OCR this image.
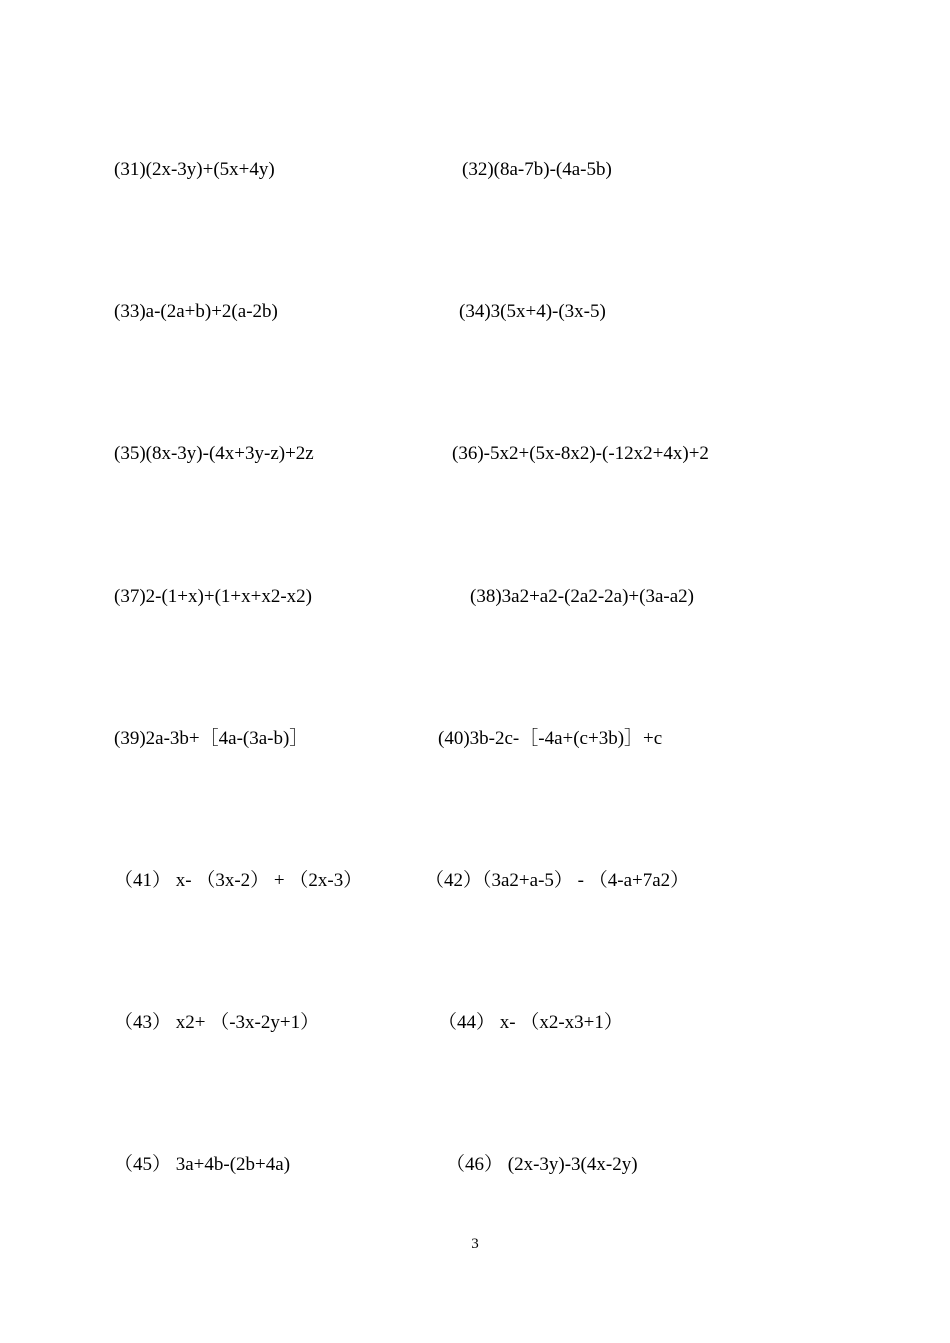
(31)(2x-3y)+(5x+4y)	(32)(8a-7b)-(4a-5b)
(33)a-(2a+b)+2(a-2b)	(34)3(5x+4)-(3x-5)
(35)(8x-3y)-(4x+3y-z)+2z	(36)-5x2+(5x-8x2)-(-12x2+4x)+2
(37)2-(1+x)+(1+x+x2-x2)	(38)3a2+a2-(2a2-2a)+(3a-a2)
(39)2a-3b+［4a-(3a-b)］	(40)3b-2c-［-4a+(c+3b)］+c
（41） x- （3x-2） + （2x-3）	（42）（3a2+a-5） - （4-a+7a2）
（43） x2+ （-3x-2y+1）	（44） x- （x2-x3+1）
（45） 3a+4b-(2b+4a)	（46） (2x-3y)-3(4x-2y)
3
